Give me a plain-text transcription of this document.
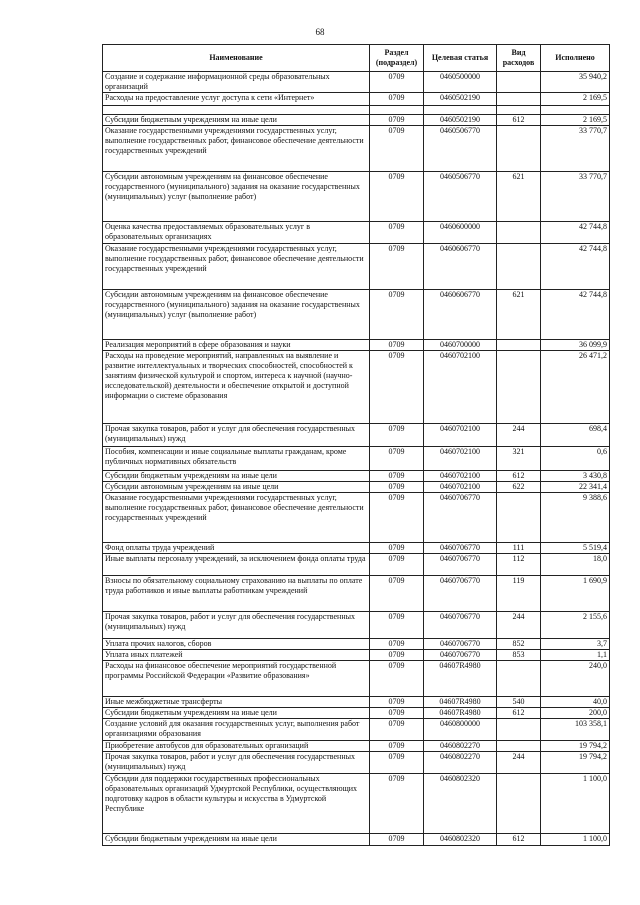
68
Наименование	Раздел (подраздел)	Целевая статья	Вид расходов	Исполнено
Создание и содержание информационной среды образовательных организаций	0709	0460500000		35 940,2
Расходы на предоставление услуг доступа к сети «Интернет»	0709	0460502190		2 169,5

Субсидии бюджетным учреждениям на иные цели	0709	0460502190	612	2 169,5
Оказание государственными учреждениями государственных услуг, выполнение государственных работ, финансовое обеспечение деятельности государственных учреждений	0709	0460506770		33 770,7
Субсидии автономным учреждениям на финансовое обеспечение государственного (муниципального) задания на оказание государственных (муниципальных) услуг (выполнение работ)	0709	0460506770	621	33 770,7
Оценка качества предоставляемых образовательных услуг в образовательных организациях	0709	0460600000		42 744,8
Оказание государственными учреждениями государственных услуг, выполнение государственных работ, финансовое обеспечение деятельности государственных учреждений	0709	0460606770		42 744,8
Субсидии автономным учреждениям на финансовое обеспечение государственного (муниципального) задания на оказание государственных (муниципальных) услуг (выполнение работ)	0709	0460606770	621	42 744,8
Реализация мероприятий в сфере образования и науки	0709	0460700000		36 099,9
Расходы на проведение мероприятий, направленных на выявление и развитие интеллектуальных и творческих способностей, способностей к занятиям физической культурой и спортом, интереса к научной (научно-исследовательской) деятельности и обеспечение открытой и доступной информации о системе образования	0709	0460702100		26 471,2
Прочая закупка товаров, работ и услуг для обеспечения государственных (муниципальных) нужд	0709	0460702100	244	698,4
Пособия, компенсации и иные социальные выплаты гражданам, кроме публичных нормативных обязательств	0709	0460702100	321	0,6
Субсидии бюджетным учреждениям на иные цели	0709	0460702100	612	3 430,8
Субсидии автономным учреждениям на иные цели	0709	0460702100	622	22 341,4
Оказание государственными учреждениями государственных услуг, выполнение государственных работ, финансовое обеспечение деятельности государственных учреждений	0709	0460706770		9 388,6
Фонд оплаты труда учреждений	0709	0460706770	111	5 519,4
Иные выплаты персоналу учреждений, за исключением фонда оплаты труда	0709	0460706770	112	18,0
Взносы по обязательному социальному страхованию на выплаты по оплате труда работников и иные выплаты работникам учреждений	0709	0460706770	119	1 690,9
Прочая закупка товаров, работ и услуг для обеспечения государственных (муниципальных) нужд	0709	0460706770	244	2 155,6
Уплата прочих налогов, сборов	0709	0460706770	852	3,7
Уплата иных платежей	0709	0460706770	853	1,1
Расходы на финансовое обеспечение мероприятий государственной программы Российской Федерации «Развитие образования»	0709	04607R4980		240,0
Иные межбюджетные трансферты	0709	04607R4980	540	40,0
Субсидии бюджетным учреждениям на иные цели	0709	04607R4980	612	200,0
Создание условий для оказания государственных услуг, выполнения работ организациями образования	0709	0460800000		103 358,1
Приобретение автобусов для образовательных организаций	0709	0460802270		19 794,2
Прочая закупка товаров, работ и услуг для обеспечения государственных (муниципальных) нужд	0709	0460802270	244	19 794,2
Субсидии для поддержки государственных профессиональных образовательных организаций Удмуртской Республики, осуществляющих подготовку кадров в области культуры и искусства в Удмуртской Республике	0709	0460802320		1 100,0
Субсидии бюджетным учреждениям на иные цели	0709	0460802320	612	1 100,0
